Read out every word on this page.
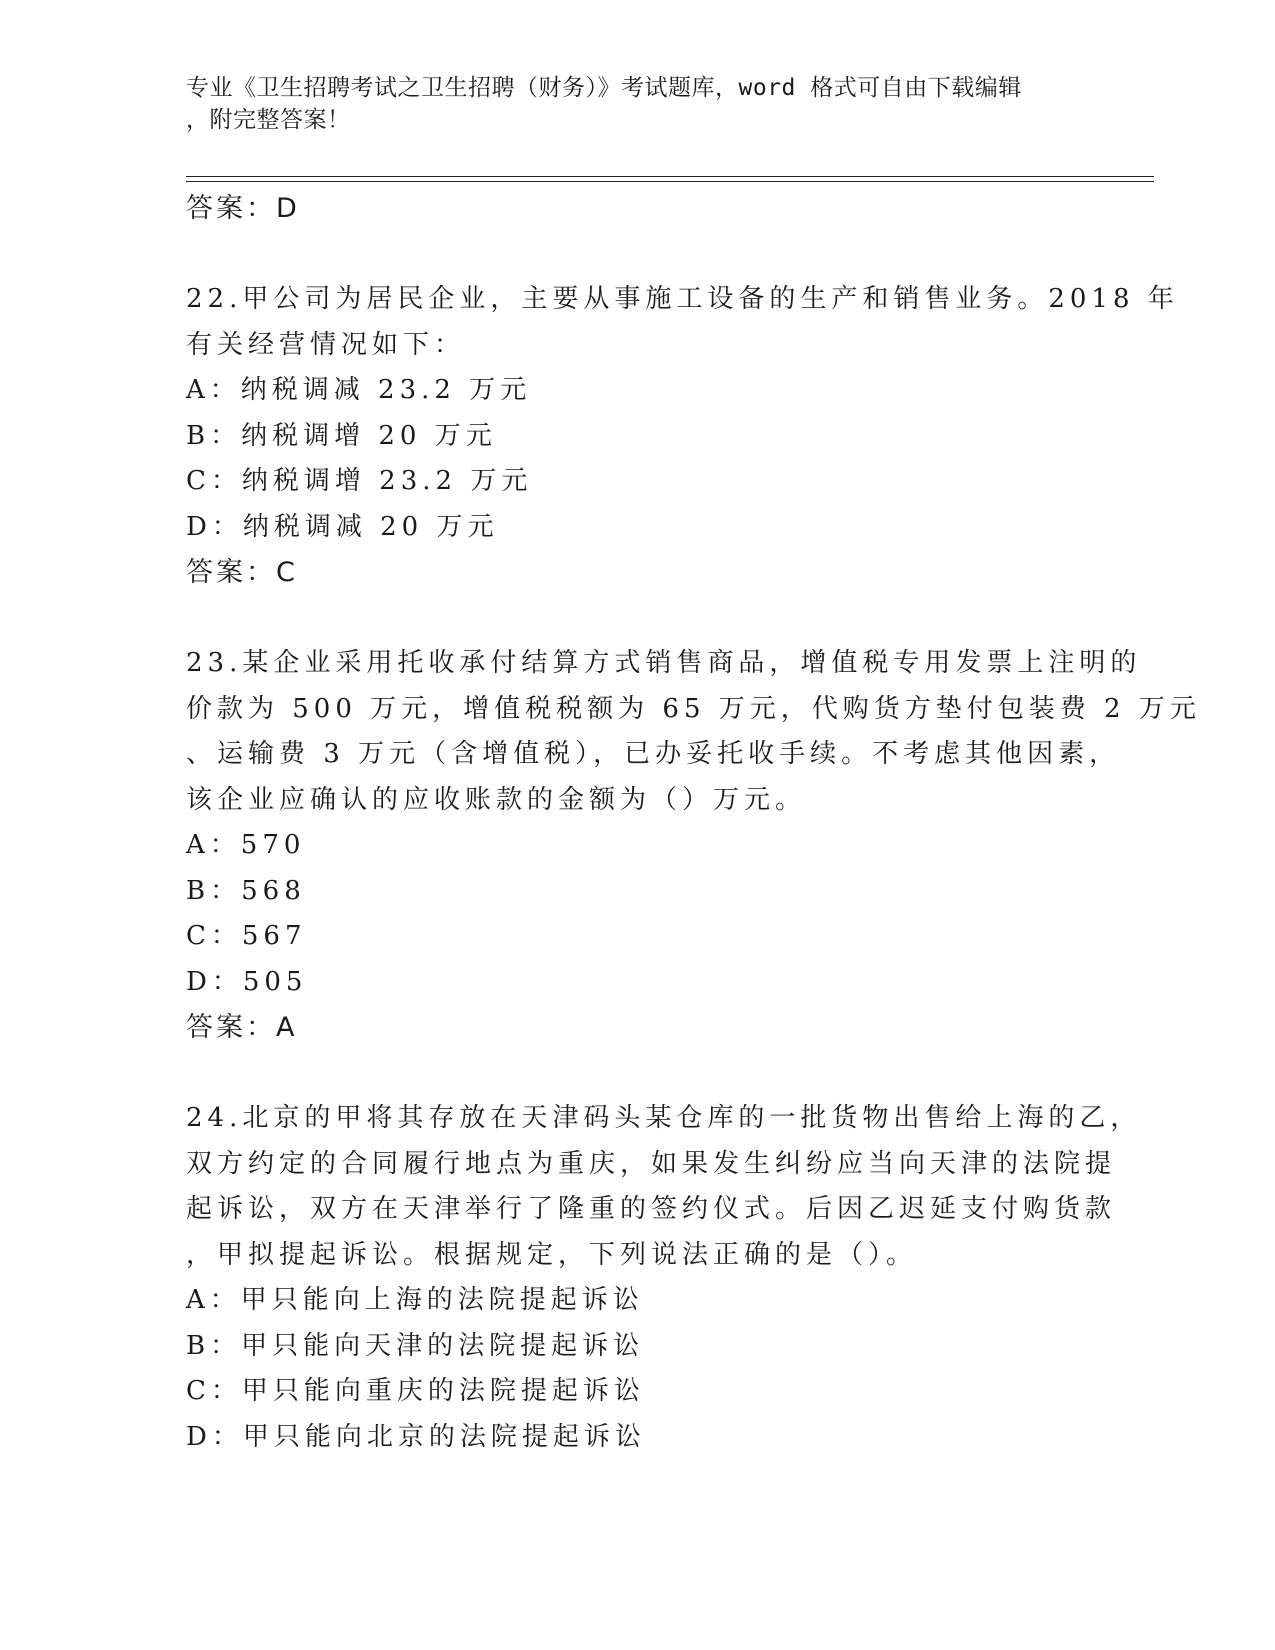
专业《卫生招聘考试之卫生招聘（财务）》考试题库，word 格式可自由下载编辑
，附完整答案！
答案：D
22.甲公司为居民企业，主要从事施工设备的生产和销售业务。2018 年
有关经营情况如下：
A：纳税调减 23.2 万元
B：纳税调增 20 万元
C：纳税调增 23.2 万元
D：纳税调减 20 万元
答案：C
23.某企业采用托收承付结算方式销售商品，增值税专用发票上注明的
价款为 500 万元，增值税税额为 65 万元，代购货方垫付包装费 2 万元
、运输费 3 万元（含增值税），已办妥托收手续。不考虑其他因素，
该企业应确认的应收账款的金额为（）万元。
A：570
B：568
C：567
D：505
答案：A
24.北京的甲将其存放在天津码头某仓库的一批货物出售给上海的乙，
双方约定的合同履行地点为重庆，如果发生纠纷应当向天津的法院提
起诉讼，双方在天津举行了隆重的签约仪式。后因乙迟延支付购货款
，甲拟提起诉讼。根据规定，下列说法正确的是（）。
A：甲只能向上海的法院提起诉讼
B：甲只能向天津的法院提起诉讼
C：甲只能向重庆的法院提起诉讼
D：甲只能向北京的法院提起诉讼
